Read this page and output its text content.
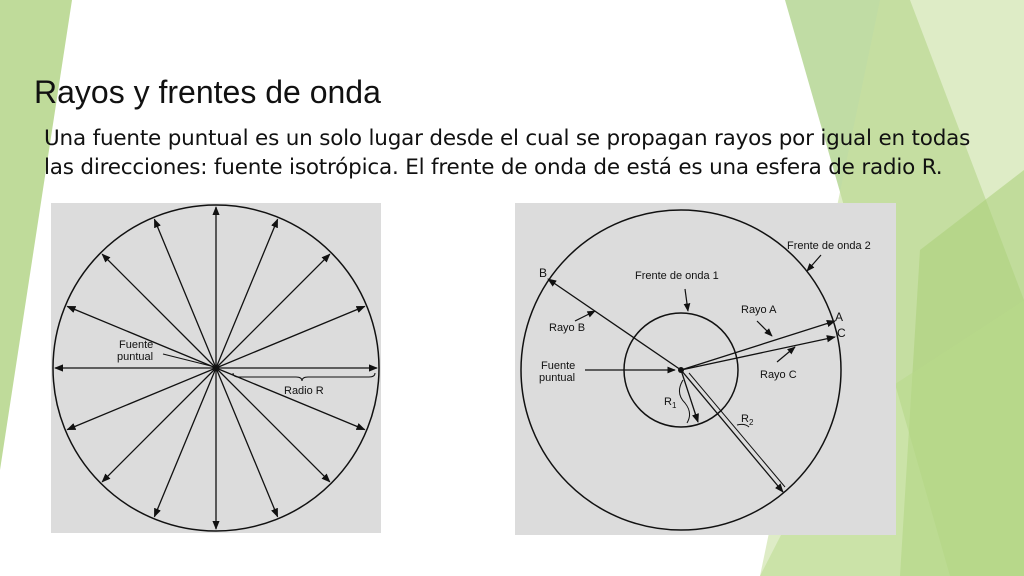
Rayos y frentes de onda
Una fuente puntual es un solo lugar desde el cual se propagan rayos por igual en todas las direcciones: fuente isotrópica. El frente de onda de está es una esfera de radio R.
Fuente
puntual
Radio R
Frente de onda 2
Frente de onda 1
B
Rayo B
Rayo A	A
C
Rayo C
Fuente
puntual
$R_1$
$R_2$
